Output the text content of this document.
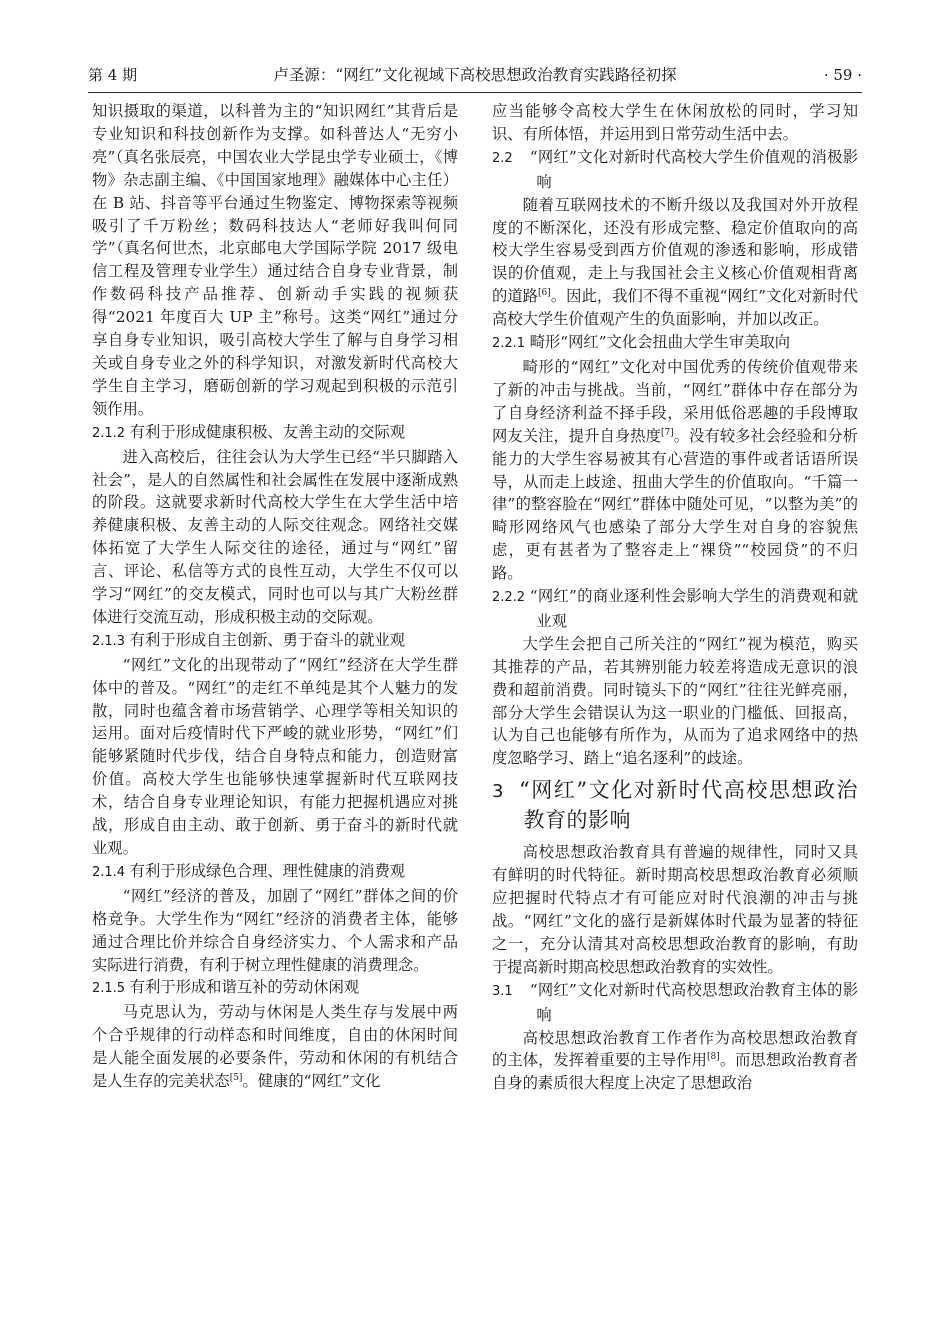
第 4 期	卢圣源：“网红”文化视域下高校思想政治教育实践路径初探	· 59 ·

知识摄取的渠道，以科普为主的“知识网红”其背后是专业知识和科技创新作为支撑。如科普达人“无穷小亮”（真名张辰亮，中国农业大学昆虫学专业硕士，《博物》杂志副主编、《中国国家地理》融媒体中心主任）在 B 站、抖音等平台通过生物鉴定、博物探索等视频吸引了千万粉丝；数码科技达人“老师好我叫何同学”（真名何世杰，北京邮电大学国际学院 2017 级电信工程及管理专业学生）通过结合自身专业背景，制作数码科技产品推荐、创新动手实践的视频获得“2021 年度百大 UP 主”称号。这类“网红”通过分享自身专业知识，吸引高校大学生了解与自身学习相关或自身专业之外的科学知识，对激发新时代高校大学生自主学习，磨砺创新的学习观起到积极的示范引领作用。

2.1.2 有利于形成健康积极、友善主动的交际观

进入高校后，往往会认为大学生已经“半只脚踏入社会”，是人的自然属性和社会属性在发展中逐渐成熟的阶段。这就要求新时代高校大学生在大学生活中培养健康积极、友善主动的人际交往观念。网络社交媒体拓宽了大学生人际交往的途径，通过与“网红”留言、评论、私信等方式的良性互动，大学生不仅可以学习“网红”的交友模式，同时也可以与其广大粉丝群体进行交流互动，形成积极主动的交际观。

2.1.3 有利于形成自主创新、勇于奋斗的就业观

“网红”文化的出现带动了“网红”经济在大学生群体中的普及。“网红”的走红不单纯是其个人魅力的发散，同时也蕴含着市场营销学、心理学等相关知识的运用。面对后疫情时代下严峻的就业形势，“网红”们能够紧随时代步伐，结合自身特点和能力，创造财富价值。高校大学生也能够快速掌握新时代互联网技术，结合自身专业理论知识，有能力把握机遇应对挑战，形成自由主动、敢于创新、勇于奋斗的新时代就业观。

2.1.4 有利于形成绿色合理、理性健康的消费观

“网红”经济的普及，加剧了“网红”群体之间的价格竞争。大学生作为“网红”经济的消费者主体，能够通过合理比价并综合自身经济实力、个人需求和产品实际进行消费，有利于树立理性健康的消费理念。

2.1.5 有利于形成和谐互补的劳动休闲观

马克思认为，劳动与休闲是人类生存与发展中两个合乎规律的行动样态和时间维度，自由的休闲时间是人能全面发展的必要条件，劳动和休闲的有机结合是人生存的完美状态[5]。健康的“网红”文化

应当能够令高校大学生在休闲放松的同时，学习知识、有所体悟，并运用到日常劳动生活中去。

2.2 “网红”文化对新时代高校大学生价值观的消极影响

随着互联网技术的不断升级以及我国对外开放程度的不断深化，还没有形成完整、稳定价值取向的高校大学生容易受到西方价值观的渗透和影响，形成错误的价值观，走上与我国社会主义核心价值观相背离的道路[6]。因此，我们不得不重视“网红”文化对新时代高校大学生价值观产生的负面影响，并加以改正。

2.2.1 畸形“网红”文化会扭曲大学生审美取向

畸形的“网红”文化对中国优秀的传统价值观带来了新的冲击与挑战。当前，“网红”群体中存在部分为了自身经济利益不择手段，采用低俗恶趣的手段博取网友关注，提升自身热度[7]。没有较多社会经验和分析能力的大学生容易被其有心营造的事件或者话语所误导，从而走上歧途、扭曲大学生的价值取向。“千篇一律”的整容脸在“网红”群体中随处可见，“以整为美”的畸形网络风气也感染了部分大学生对自身的容貌焦虑，更有甚者为了整容走上“裸贷”“校园贷”的不归路。

2.2.2 “网红”的商业逐利性会影响大学生的消费观和就业观

大学生会把自己所关注的“网红”视为模范，购买其推荐的产品，若其辨别能力较差将造成无意识的浪费和超前消费。同时镜头下的“网红”往往光鲜亮丽，部分大学生会错误认为这一职业的门槛低、回报高，认为自己也能够有所作为，从而为了追求网络中的热度忽略学习、踏上“追名逐利”的歧途。

3 “网红”文化对新时代高校思想政治教育的影响

高校思想政治教育具有普遍的规律性，同时又具有鲜明的时代特征。新时期高校思想政治教育必须顺应把握时代特点才有可能应对时代浪潮的冲击与挑战。“网红”文化的盛行是新媒体时代最为显著的特征之一，充分认清其对高校思想政治教育的影响，有助于提高新时期高校思想政治教育的实效性。

3.1 “网红”文化对新时代高校思想政治教育主体的影响

高校思想政治教育工作者作为高校思想政治教育的主体，发挥着重要的主导作用[8]。而思想政治教育者自身的素质很大程度上决定了思想政治
